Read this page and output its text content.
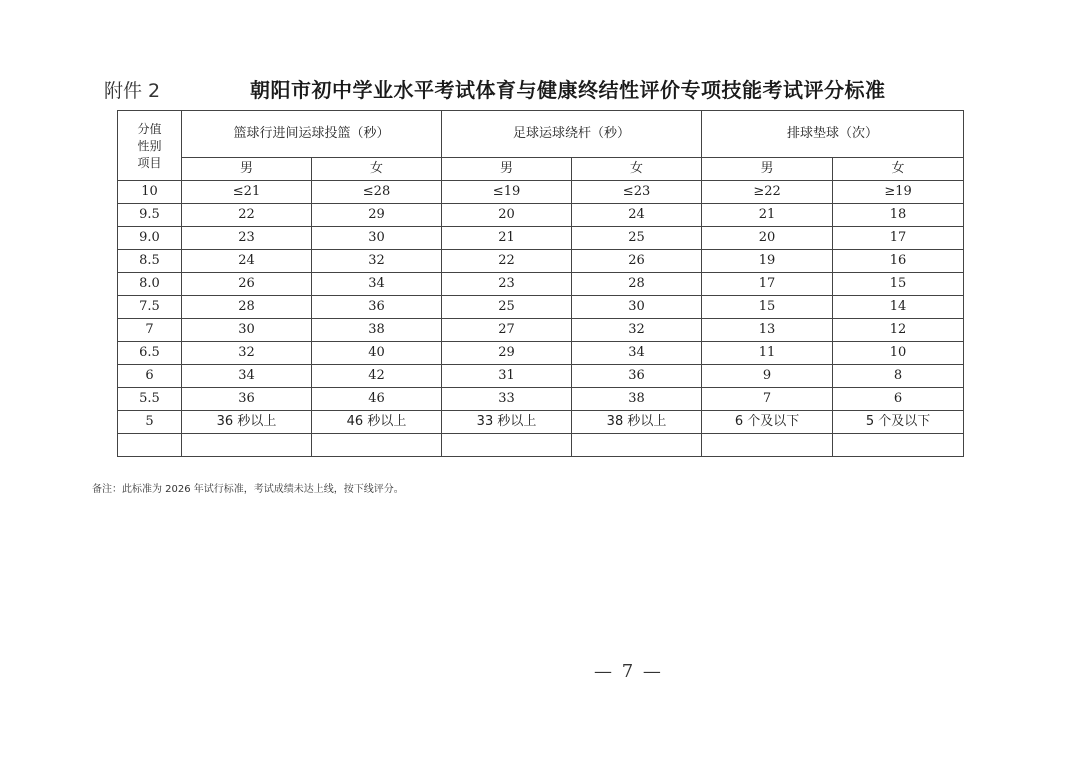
附件 2	朝阳市初中学业水平考试体育与健康终结性评价专项技能考试评分标准
分值
性别
项目	篮球行进间运球投篮（秒）		足球运球绕杆（秒）		排球垫球（次）	
	男	女	男	女	男	女
10	≤21	≤28	≤19	≤23	≥22	≥19
9.5	22	29	20	24	21	18
9.0	23	30	21	25	20	17
8.5	24	32	22	26	19	16
8.0	26	34	23	28	17	15
7.5	28	36	25	30	15	14
7	30	38	27	32	13	12
6.5	32	40	29	34	11	10
6	34	42	31	36	9	8
5.5	36	46	33	38	7	6
5	36 秒以上	46 秒以上	33 秒以上	38 秒以上	6 个及以下	5 个及以下

备注：此标准为 2026 年试行标准，考试成绩未达上线，按下线评分。
— 7 —
